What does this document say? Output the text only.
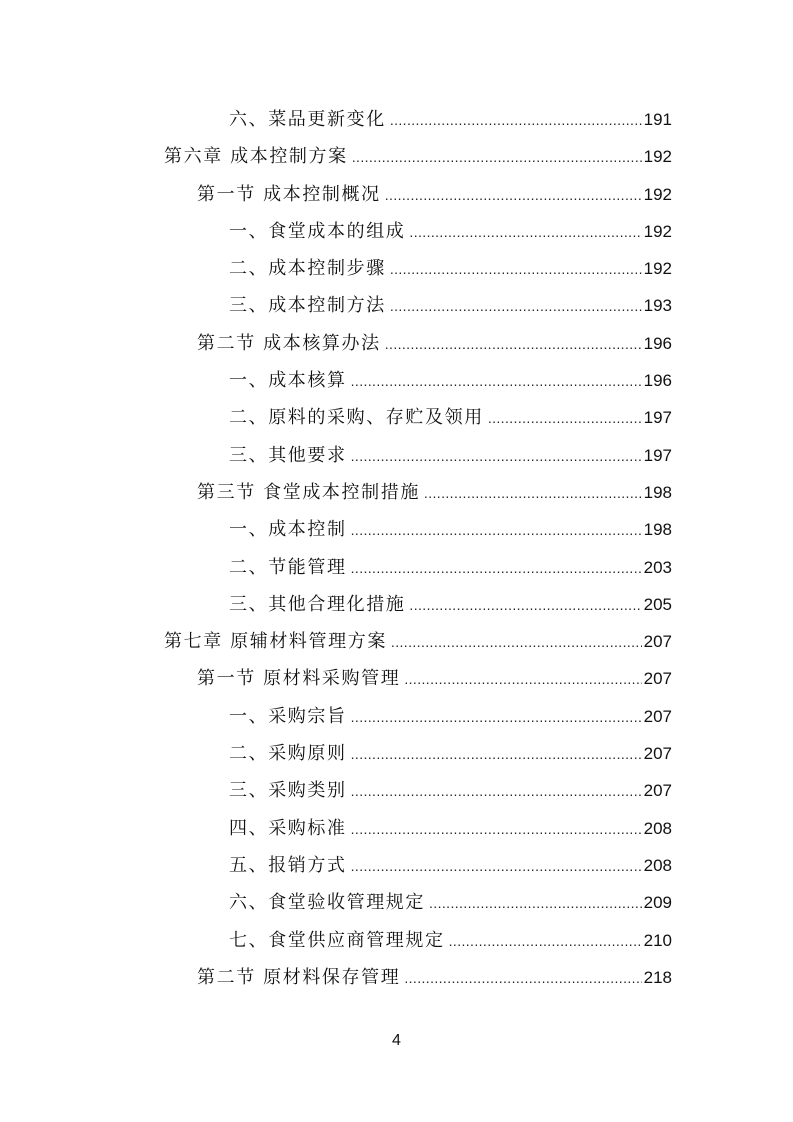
六、菜品更新变化 .....	191
第六章 成本控制方案 .....	192
第一节 成本控制概况 .....	192
一、食堂成本的组成 .....	192
二、成本控制步骤 .....	192
三、成本控制方法 .....	193
第二节 成本核算办法 .....	196
一、成本核算 .....	196
二、原料的采购、存贮及领用 .....	197
三、其他要求 .....	197
第三节 食堂成本控制措施 .....	198
一、成本控制 .....	198
二、节能管理 .....	203
三、其他合理化措施 .....	205
第七章 原辅材料管理方案 .....	207
第一节 原材料采购管理 .....	207
一、采购宗旨 .....	207
二、采购原则 .....	207
三、采购类别 .....	207
四、采购标准 .....	208
五、报销方式 .....	208
六、食堂验收管理规定 .....	209
七、食堂供应商管理规定 .....	210
第二节 原材料保存管理 .....	218
4
